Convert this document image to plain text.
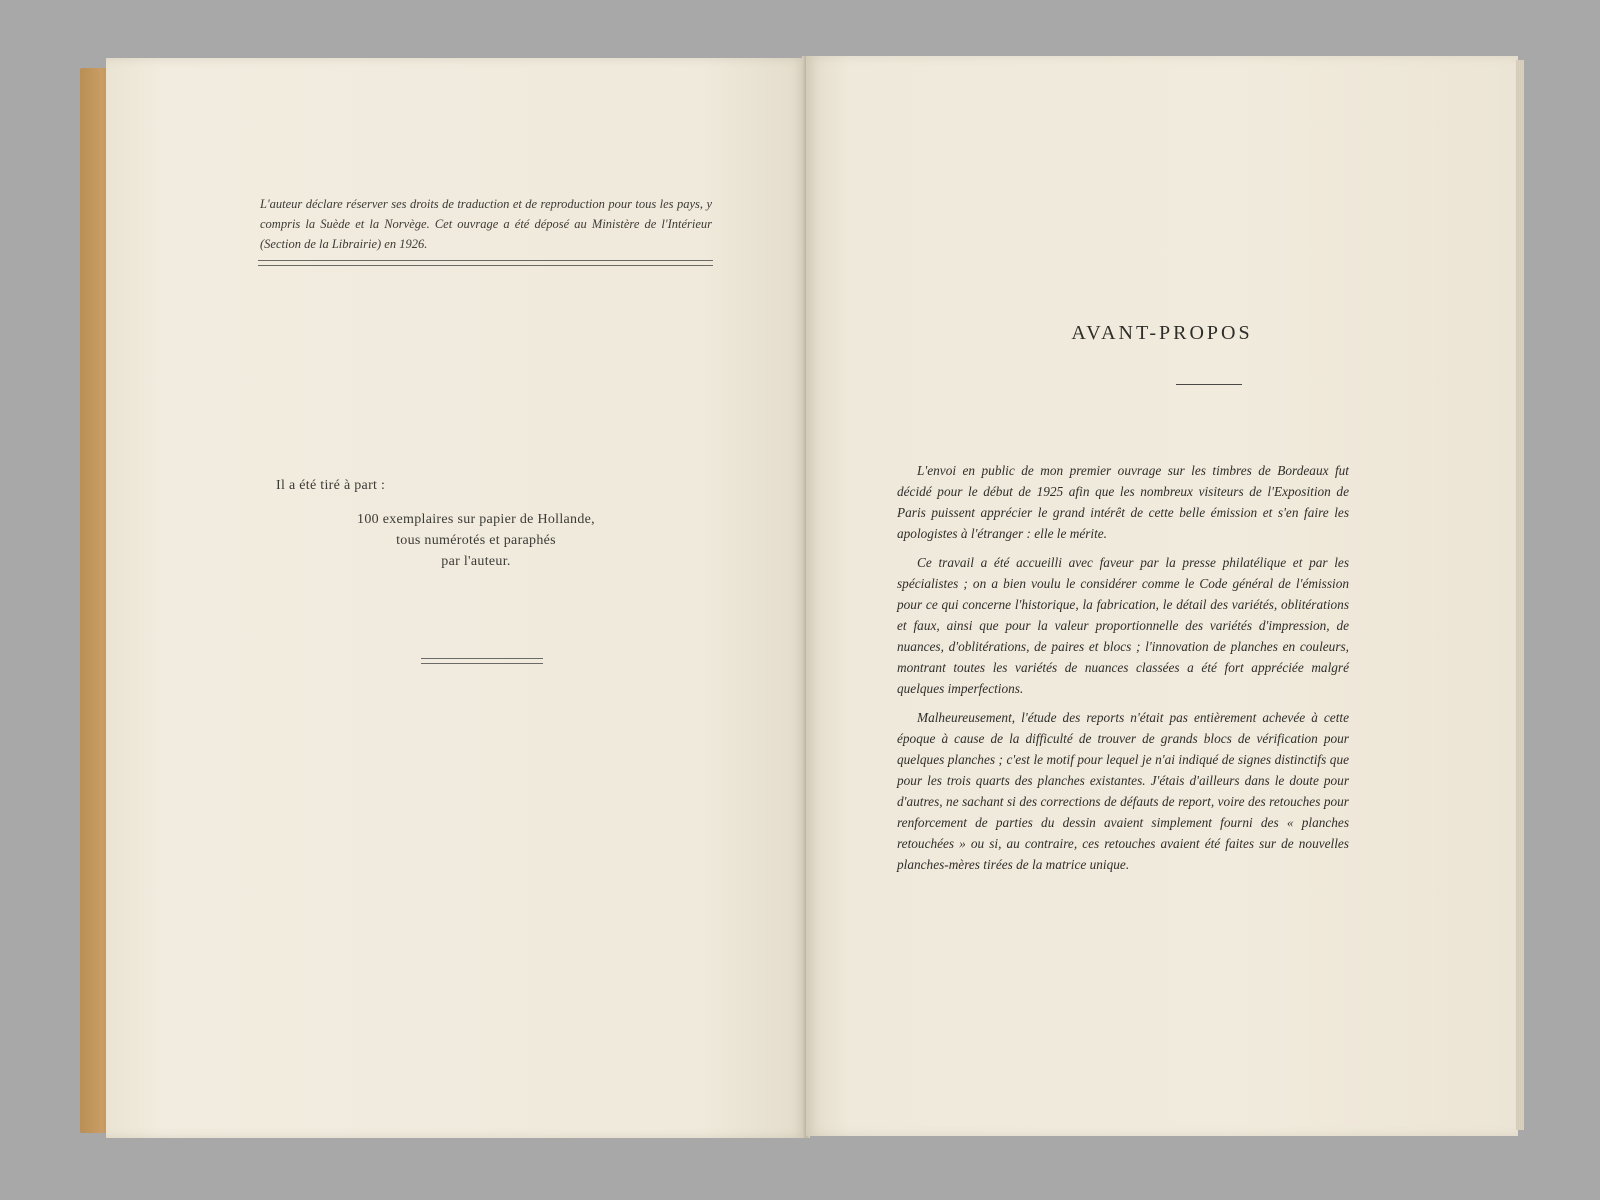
L'auteur déclare réserver ses droits de traduction et de reproduction pour tous les pays, y compris la Suède et la Norvège. Cet ouvrage a été déposé au Ministère de l'Intérieur (Section de la Librairie) en 1926.
Il a été tiré à part :
100 exemplaires sur papier de Hollande,
tous numérotés et paraphés
par l'auteur.
AVANT-PROPOS

L'envoi en public de mon premier ouvrage sur les timbres de Bordeaux fut décidé pour le début de 1925 afin que les nombreux visiteurs de l'Exposition de Paris puissent apprécier le grand intérêt de cette belle émission et s'en faire les apologistes à l'étranger : elle le mérite.

Ce travail a été accueilli avec faveur par la presse philatélique et par les spécialistes ; on a bien voulu le considérer comme le Code général de l'émission pour ce qui concerne l'historique, la fabrication, le détail des variétés, oblitérations et faux, ainsi que pour la valeur proportionnelle des variétés d'impression, de nuances, d'oblitérations, de paires et blocs ; l'innovation de planches en couleurs, montrant toutes les variétés de nuances classées a été fort appréciée malgré quelques imperfections.

Malheureusement, l'étude des reports n'était pas entièrement achevée à cette époque à cause de la difficulté de trouver de grands blocs de vérification pour quelques planches ; c'est le motif pour lequel je n'ai indiqué de signes distinctifs que pour les trois quarts des planches existantes. J'étais d'ailleurs dans le doute pour d'autres, ne sachant si des corrections de défauts de report, voire des retouches pour renforcement de parties du dessin avaient simplement fourni des « planches retouchées » ou si, au contraire, ces retouches avaient été faites sur de nouvelles planches-mères tirées de la matrice unique.
